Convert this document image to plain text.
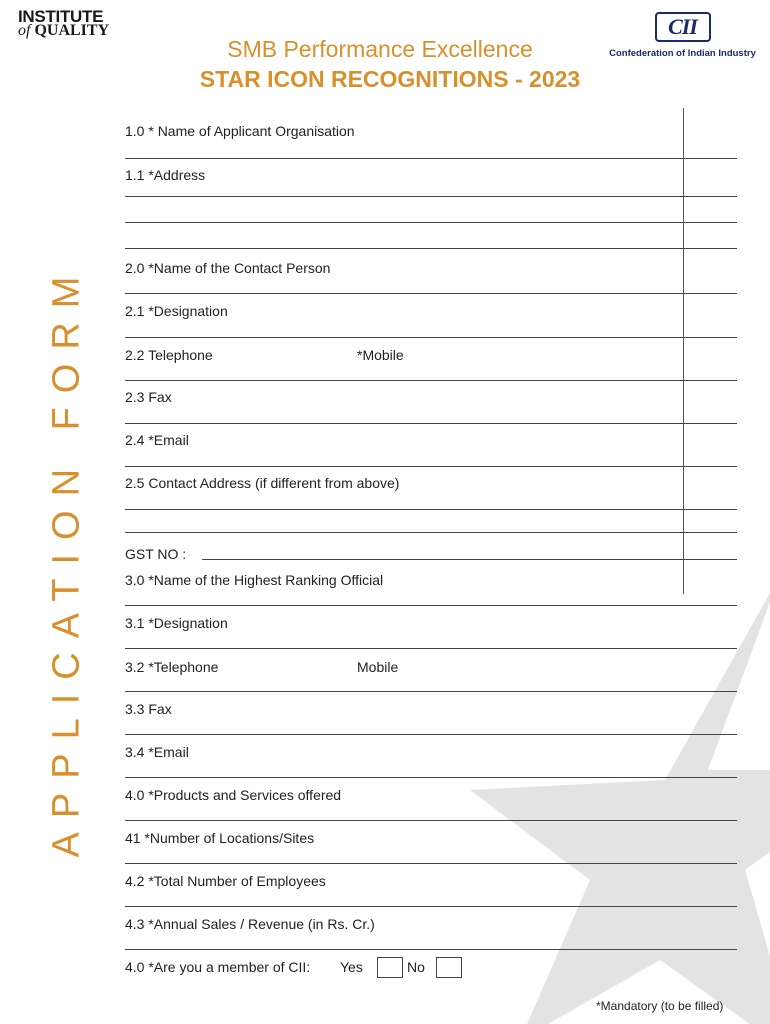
INSTITUTE
of QUALITY	CII
Confederation of Indian Industry
SMB Performance Excellence
STAR ICON RECOGNITIONS - 2023
APPLICATION FORM
1.0 * Name of Applicant Organisation
1.1 *Address
2.0 *Name of the Contact Person
2.1 *Designation
2.2 Telephone	*Mobile
2.3 Fax
2.4 *Email
2.5 Contact Address (if different from above)
GST NO :
3.0 *Name of the Highest Ranking Official
3.1 *Designation
3.2 *Telephone	Mobile
3.3 Fax
3.4 *Email
4.0 *Products and Services offered
41 *Number of Locations/Sites
4.2 *Total Number of Employees
4.3 *Annual Sales / Revenue (in Rs. Cr.)
4.0 *Are you a member of CII: Yes	No
*Mandatory (to be filled)
